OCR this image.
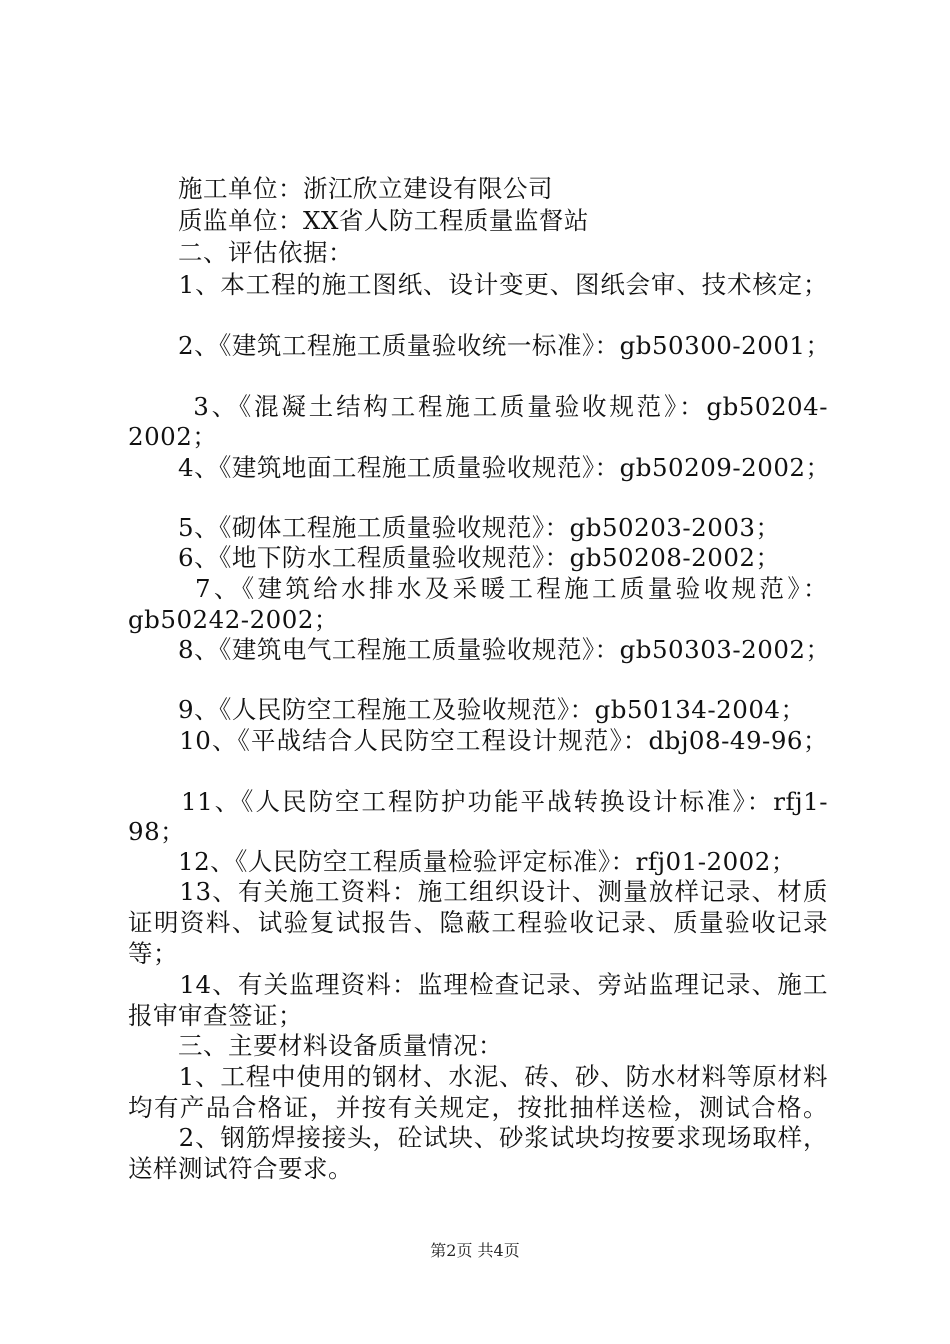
　　施工单位：浙江欣立建设有限公司
　　质监单位：XX省人防工程质量监督站
　　二、评估依据：
　　1、本工程的施工图纸、设计变更、图纸会审、技术核定；
　　2、《建筑工程施工质量验收统一标准》：gb50300-2001；
　　 3、《混凝土结构工程施工质量验收规范》：gb50204-
2002；
　　4、《建筑地面工程施工质量验收规范》：gb50209-2002；
　　5、《砌体工程施工质量验收规范》：gb50203-2003；
　　6、《地下防水工程质量验收规范》：gb50208-2002；
　　 7、《建筑给水排水及采暖工程施工质量验收规范》：
gb50242-2002；
　　8、《建筑电气工程施工质量验收规范》：gb50303-2002；
　　9、《人民防空工程施工及验收规范》：gb50134-2004；
　　10、《平战结合人民防空工程设计规范》：dbj08-49-96；
　　11、《人民防空工程防护功能平战转换设计标准》：rfj1-
98；
　　12、《人民防空工程质量检验评定标准》：rfj01-2002；
　　13、有关施工资料：施工组织设计、测量放样记录、材质
证明资料、试验复试报告、隐蔽工程验收记录、质量验收记录
等；
　　14、有关监理资料：监理检查记录、旁站监理记录、施工
报审审查签证；
　　三、主要材料设备质量情况：
　　1、工程中使用的钢材、水泥、砖、砂、防水材料等原材料
均有产品合格证，并按有关规定，按批抽样送检，测试合格。
　　2、钢筋焊接接头，砼试块、砂浆试块均按要求现场取样，
送样测试符合要求。
第2页 共4页
